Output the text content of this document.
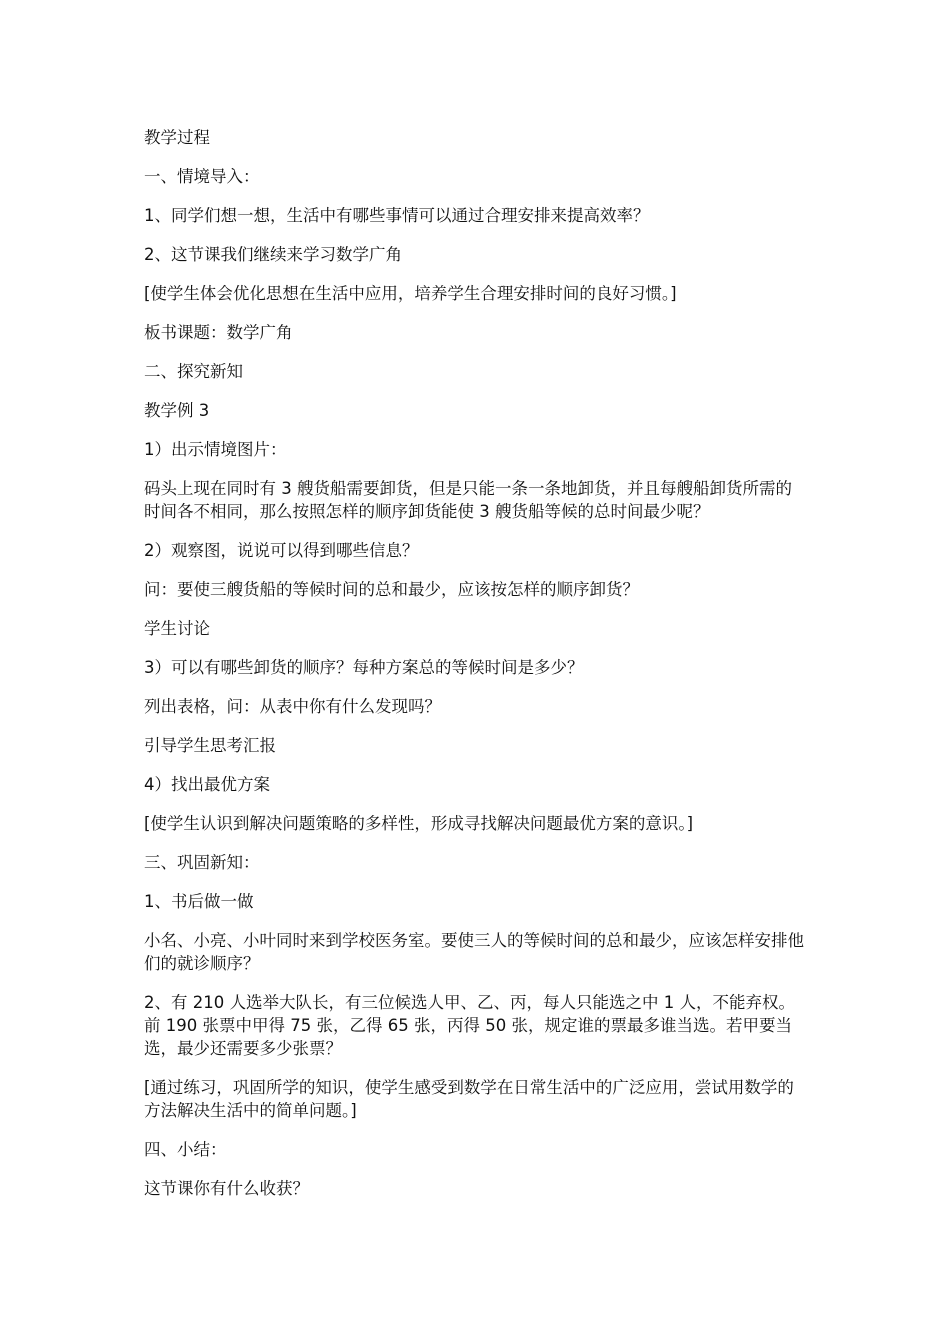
教学过程

一、情境导入：

1、同学们想一想，生活中有哪些事情可以通过合理安排来提高效率？

2、这节课我们继续来学习数学广角

[使学生体会优化思想在生活中应用，培养学生合理安排时间的良好习惯。]

板书课题：数学广角

二、探究新知

教学例 3

1）出示情境图片：

码头上现在同时有 3 艘货船需要卸货，但是只能一条一条地卸货，并且每艘船卸货所需的时间各不相同，那么按照怎样的顺序卸货能使 3 艘货船等候的总时间最少呢？

2）观察图，说说可以得到哪些信息？

问：要使三艘货船的等候时间的总和最少，应该按怎样的顺序卸货？

学生讨论

3）可以有哪些卸货的顺序？每种方案总的等候时间是多少？

列出表格，问：从表中你有什么发现吗？

引导学生思考汇报

4）找出最优方案

[使学生认识到解决问题策略的多样性，形成寻找解决问题最优方案的意识。]

三、巩固新知：

1、书后做一做

小名、小亮、小叶同时来到学校医务室。要使三人的等候时间的总和最少，应该怎样安排他们的就诊顺序？

2、有 210 人选举大队长，有三位候选人甲、乙、丙，每人只能选之中 1 人，不能弃权。前 190 张票中甲得 75 张，乙得 65 张，丙得 50 张，规定谁的票最多谁当选。若甲要当选，最少还需要多少张票？

[通过练习，巩固所学的知识，使学生感受到数学在日常生活中的广泛应用，尝试用数学的方法解决生活中的简单问题。]

四、小结：

这节课你有什么收获？
